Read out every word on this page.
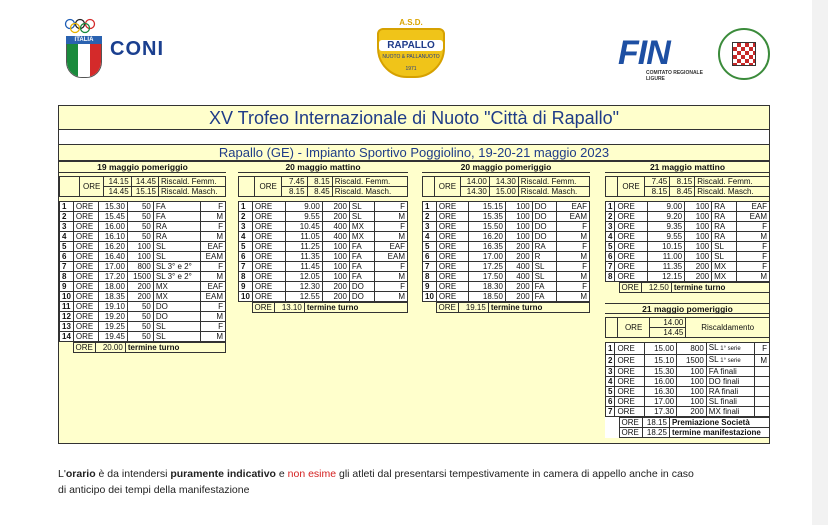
ITALIA CONI
A.S.D.
RAPALLO
NUOTO & PALLANUOTO
1971	FIN
COMITATO REGIONALE LIGURE
XV Trofeo Internazionale di Nuoto "Città di Rapallo"
Rapallo (GE) - Impianto Sportivo Poggiolino, 19-20-21 maggio 2023
19 maggio pomeriggio
	ORE	14.15	14.45	Riscald. Femm.
		14.45	15.15	Riscald. Masch.
1	ORE	15.30	50	FA	F
2	ORE	15.45	50	FA	M
3	ORE	16.00	50	RA	F
4	ORE	16.10	50	RA	M
5	ORE	16.20	100	SL	EAF
6	ORE	16.40	100	SL	EAM
7	ORE	17.00	800	SL 3° e 2°	F
8	ORE	17.20	1500	SL 3° e 2°	M
9	ORE	18.00	200	MX	EAF
10	ORE	18.35	200	MX	EAM
11	ORE	19.10	50	DO	F
12	ORE	19.20	50	DO	M
13	ORE	19.25	50	SL	F
14	ORE	19.45	50	SL	M
	ORE	20.00	termine turno
20 maggio mattino
	ORE	7.45	8.15	Riscald. Femm.
		8.15	8.45	Riscald. Masch.
1	ORE	9.00	200	SL	F
2	ORE	9.55	200	SL	M
3	ORE	10.45	400	MX	F
4	ORE	11.05	400	MX	M
5	ORE	11.25	100	FA	EAF
6	ORE	11.35	100	FA	EAM
7	ORE	11.45	100	FA	F
8	ORE	12.05	100	FA	M
9	ORE	12.30	200	DO	F
10	ORE	12.55	200	DO	M
	ORE	13.10	termine turno
20 maggio pomeriggio
	ORE	14.00	14.30	Riscald. Femm.
		14.30	15.00	Riscald. Masch.
1	ORE	15.15	100	DO	EAF
2	ORE	15.35	100	DO	EAM
3	ORE	15.50	100	DO	F
4	ORE	16.20	100	DO	M
5	ORE	16.35	200	RA	F
6	ORE	17.00	200	R	M
7	ORE	17.25	400	SL	F
8	ORE	17.50	400	SL	M
9	ORE	18.30	200	FA	F
10	ORE	18.50	200	FA	M
	ORE	19.15	termine turno
21 maggio mattino
	ORE	7.45	8.15	Riscald. Femm.
		8.15	8.45	Riscald. Masch.
1	ORE	9.00	100	RA	EAF
2	ORE	9.20	100	RA	EAM
3	ORE	9.35	100	RA	F
4	ORE	9.55	100	RA	M
5	ORE	10.15	100	SL	F
6	ORE	11.00	100	SL	F
7	ORE	11.35	200	MX	F
8	ORE	12.15	200	MX	M
	ORE	12.50	termine turno
21 maggio pomeriggio
	ORE	14.00	Riscaldamento
14.45
1	ORE	15.00	800	SL 1° serie	F
2	ORE	15.10	1500	SL 1° serie	M
3	ORE	15.30	100	FA finali	
4	ORE	16.00	100	DO finali	
5	ORE	16.30	100	RA finali	
6	ORE	17.00	100	SL finali	
7	ORE	17.30	200	MX finali	
	ORE	18.15	Premiazione Società
	ORE	18.25	termine manifestazione
L'orario è da intendersi puramente indicativo e non esime gli atleti dal presentarsi tempestivamente in camera di appello anche in caso
di anticipo dei tempi della manifestazione
